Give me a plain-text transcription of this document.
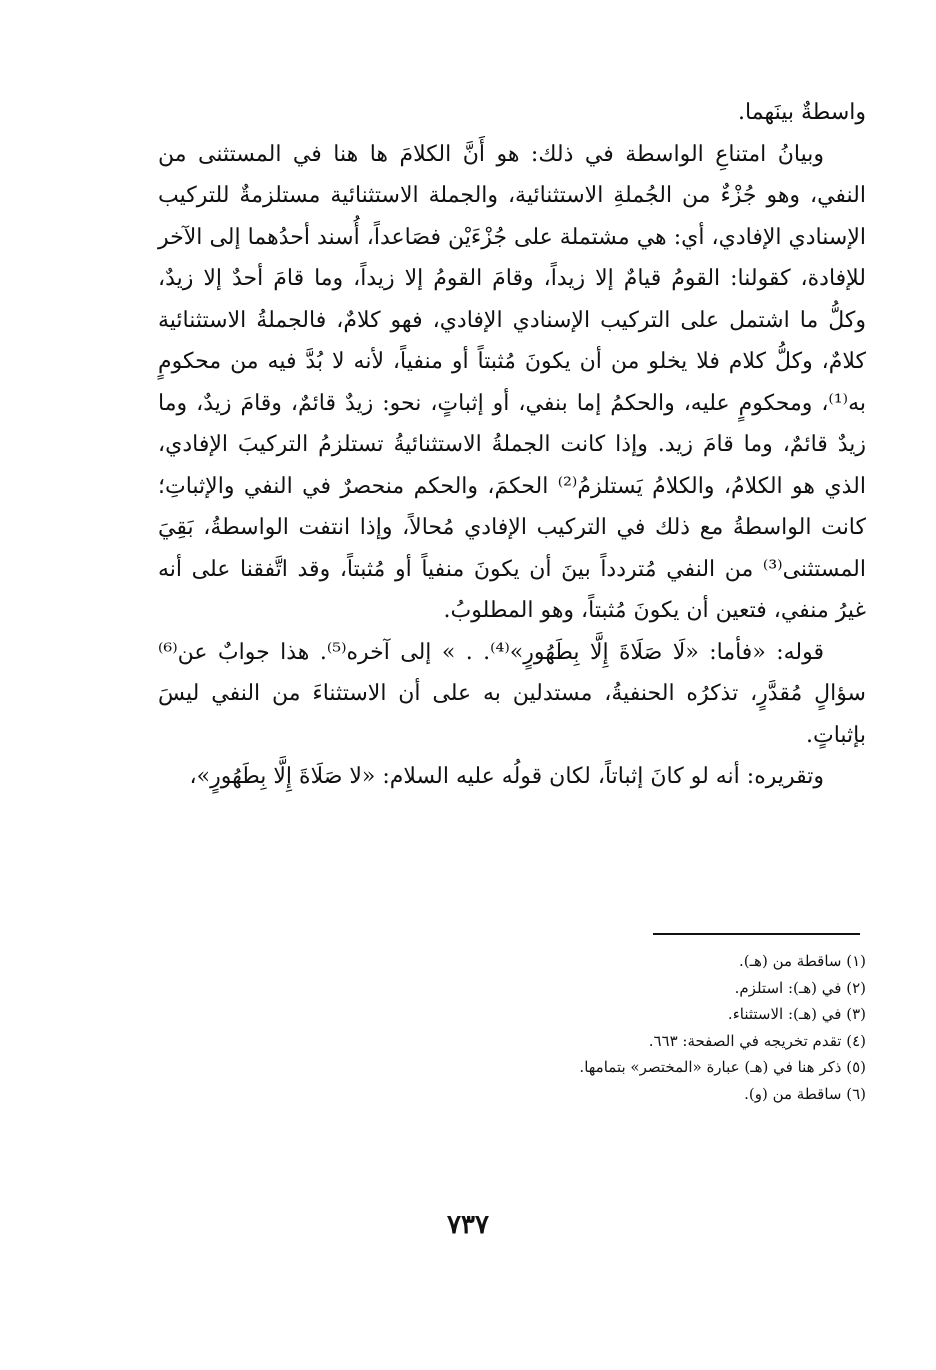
واسطةٌ بينَهما.

وبيانُ امتناعِ الواسطة في ذلك: هو أَنَّ الكلامَ ها هنا في المستثنى من النفي، وهو جُزْءٌ من الجُملةِ الاستثنائية، والجملة الاستثنائية مستلزمةٌ للتركيب الإسنادي الإفادي، أي: هي مشتملة على جُزْءَيْن فصَاعداً، أُسند أحدُهما إلى الآخر للإفادة، كقولنا: القومُ قيامٌ إلا زيداً، وقامَ القومُ إلا زيداً، وما قامَ أحدٌ إلا زيدٌ، وكلُّ ما اشتمل على التركيب الإسنادي الإفادي، فهو كلامٌ، فالجملةُ الاستثنائية كلامٌ، وكلُّ كلام فلا يخلو من أن يكونَ مُثبتاً أو منفياً، لأنه لا بُدَّ فيه من محكومٍ به⁽¹⁾، ومحكومٍ عليه، والحكمُ إما بنفي، أو إثباتٍ، نحو: زيدٌ قائمٌ، وقامَ زيدٌ، وما زيدٌ قائمٌ، وما قامَ زيد. وإذا كانت الجملةُ الاستثنائيةُ تستلزمُ التركيبَ الإفادي، الذي هو الكلامُ، والكلامُ يَستلزمُ⁽²⁾ الحكمَ، والحكم منحصرٌ في النفي والإثباتِ؛ كانت الواسطةُ مع ذلك في التركيب الإفادي مُحالاً، وإذا انتفت الواسطةُ، بَقِيَ المستثنى⁽³⁾ من النفي مُتردداً بينَ أن يكونَ منفياً أو مُثبتاً، وقد اتَّفقنا على أنه غيرُ منفي، فتعين أن يكونَ مُثبتاً، وهو المطلوبُ.

قوله: «فأما: «لَا صَلَاةَ إِلَّا بِطَهُورٍ»⁽⁴⁾. . » إلى آخره⁽⁵⁾. هذا جوابٌ عن⁽⁶⁾ سؤالٍ مُقدَّرٍ، تذكرُه الحنفيةُ، مستدلين به على أن الاستثناءَ من النفي ليسَ بإثباتٍ.

وتقريره: أنه لو كانَ إثباتاً، لكان قولُه عليه السلام: «لا صَلَاةَ إِلَّا بِطَهُورٍ»،

(١) ساقطة من (هـ).
(٢) في (هـ): استلزم.
(٣) في (هـ): الاستثناء.
(٤) تقدم تخريجه في الصفحة: ٦٦٣.
(٥) ذكر هنا في (هـ) عبارة «المختصر» بتمامها.
(٦) ساقطة من (و).
٧٣٧
